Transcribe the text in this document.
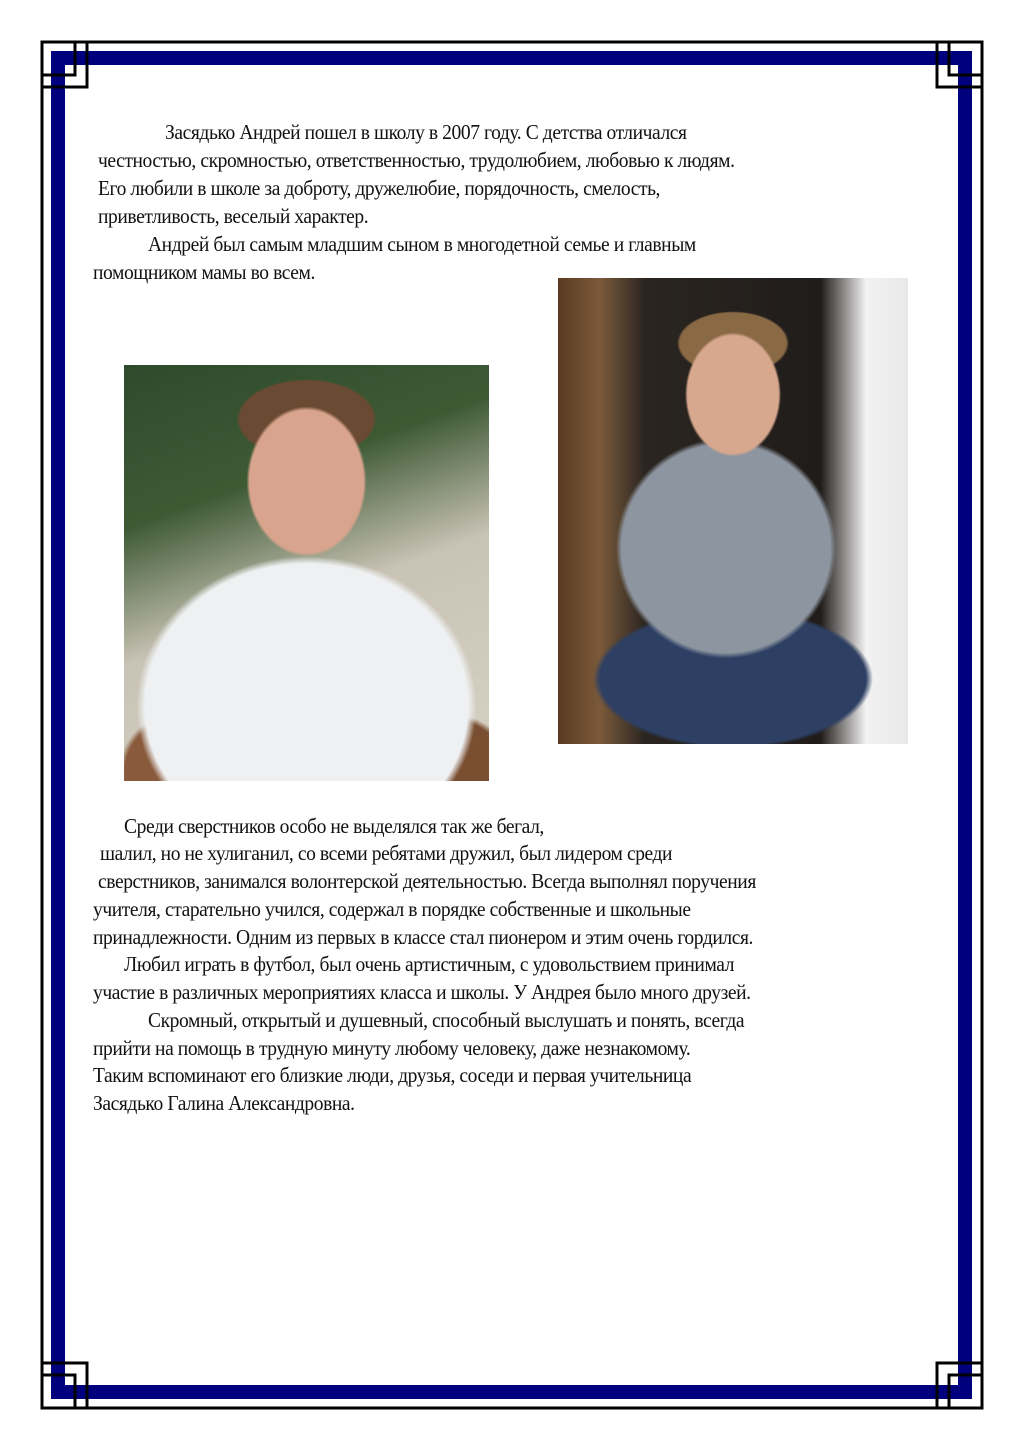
Засядько Андрей пошел в школу в 2007 году. С детства отличался
честностью, скромностью, ответственностью, трудолюбием, любовью к людям.
Его любили в школе за доброту, дружелюбие, порядочность, смелость,
приветливость, веселый характер.
Андрей был самым младшим сыном в многодетной семье и главным
помощником мамы во всем.
Среди сверстников особо не выделялся так же бегал,
шалил, но не хулиганил, со всеми ребятами дружил, был лидером среди
сверстников, занимался волонтерской деятельностью. Всегда выполнял поручения
учителя, старательно учился, содержал в порядке собственные и школьные
принадлежности. Одним из первых в классе стал пионером и этим очень гордился.
Любил играть в футбол, был очень артистичным, с удовольствием принимал
участие в различных мероприятиях класса и школы. У Андрея было много друзей.
Скромный, открытый и душевный, способный выслушать и понять, всегда
прийти на помощь в трудную минуту любому человеку, даже незнакомому.
Таким вспоминают его близкие люди, друзья, соседи и первая учительница
Засядько Галина Александровна.
